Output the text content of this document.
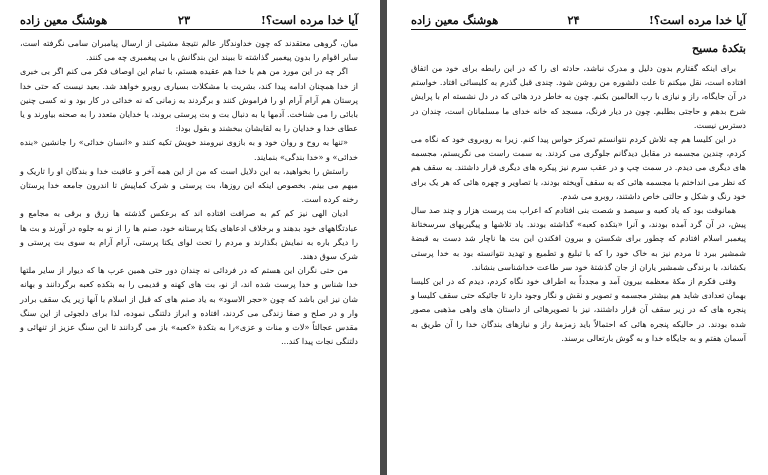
آیا خدا مرده است؟!
۲۳
هوشنگ معین زاده

میان، گروهی معتقدند که چون خداوندگار عالم نتیجهٔ مشیتی از ارسال پیامبران سامی نگرفته است، سایر اقوام را بدون پیغمبر گذاشته تا ببیند این بندگانش با بی پیغمبری چه می کنند.

اگر چه در این مورد من هم با خدا هم عقیده هستم، با تمام این اوصاف فکر می کنم اگر بی خبری از خدا همچنان ادامه پیدا کند، بشریت با مشکلات بسیاری روبرو خواهد شد. بعید نیست که حتی خدا پرستان هم آرام آرام او را فراموش کنند و برگردند به زمانی که نه خدائی در کار بود و نه کسی چنین بابائی را می شناخت. آدمها یا به دنبال بت و بت پرستی بروند، یا خدایان متعدد را به صحنه بیاورند و یا عطای خدا و خدایان را به لقایشان ببخشند و بقول بودا:

«تنها به روح و روان خود و به بازوی نیرومند خویش تکیه کنند و «انسان خدائی» را جانشین «بنده خدائی» و «خدا بندگی» بنمایند.

راستش را بخواهید، به این دلایل است که من از این همه آخر و عاقبت خدا و بندگان او را تاریک و مبهم می بینم. بخصوص اینکه این روزها، بت پرستی و شرک کماپیش تا اندرون جامعه خدا پرستان رخنه کرده است.

ادیان الهی نیز کم کم به صرافت افتاده اند که برعکس گذشته ها زرق و برقی به مجامع و عبادتگاههای خود بدهند و برخلاف ادعاهای یکتا پرستانه خود، صنم ها را از نو به جلوه در آورند و بت ها را دیگر باره به نمایش بگذارند و مردم را تحت لوای یکتا پرستی، آرام آرام به سوی بت پرستی و شرک سوق دهند.

من حتی نگران این هستم که در فردائی نه چندان دور حتی همین عرب ها که دیوار از سایر ملتها خدا شناس و خدا پرست شده اند، از نو، بت های کهنه و قدیمی را به بتکده کعبه برگردانند و بهانه شان نیز این باشد که چون «حجر الاسود» به یاد صنم های که قبل از اسلام با آنها زیر یک سقف برادر وار و در صلح و صفا زندگی می کردند، افتاده و ابراز دلتنگی نموده، لذا برای دلجوئی از این سنگ مقدس عجالتاً «لات و منات و عزی»را به بتکدهٔ «کعبه» باز می گردانند تا این سنگ عزیز از تنهائی و دلتنگی نجات پیدا کند...

آیا خدا مرده است؟!
۲۴
هوشنگ معین زاده
بتکدهٔ مسیح

برای اینکه گفتارم بدون دلیل و مدرک نباشد، حادثه ای را که در این رابطه برای خود من اتفاق افتاده است، نقل میکنم تا علت دلشوره من روشن شود. چندی قبل گذرم به کلیسائی افتاد. خواستم در آن جایگاه، راز و نیازی با رب العالمین بکنم. چون به خاطر درد هائی که در دل نشسته ام با پرایش شرح بدهم و حاجتی بطلبم. چون در دیار فرنگ، مسجد که خانه خدای ما مسلمانان است، چندان در دسترس نیست.

در این کلیسا هم چه تلاش کردم نتوانستم تمرکز حواس پیدا کنم. زیرا به روبروی خود که نگاه می کردم، چندین مجسمه در مقابل دیدگانم جلوگری می کردند. به سمت راست می نگریستم، مجسمه های دیگری می دیدم. در سمت چپ و در عقب سرم نیز پیکره های دیگری قرار داشتند. به سقف هم که نظر می انداختم با مجسمه هائی که به سقف آویخته بودند، با تصاویر و چهره هائی که هر یک برای خود رنگ و شکل و حالتی خاص داشتند، روبرو می شدم.

همانوقت بود که یاد کعبه و سیصد و شصت بنی افتادم که اعراب بت پرست هزار و چند صد سال پیش، در آن گرد آمده بودند، و آنرا «بتکده کعبه» گذاشته بودند. یاد تلاشها و پیگیریهای سرسختانهٔ پیغمبر اسلام افتادم که چطور برای شکستن و بیرون افکندن این بت ها ناچار شد دست به قبضهٔ شمشیر ببرد تا مردم نیز به خاک خود را که با تبلیغ و تطمیع و تهدید نتوانسته بود به خدا پرستی بکشاند، با برندگی شمشیر یاران از جان گذشتهٔ خود سر طاعت خداشناسی بنشاند.

وقتی فکرم از مکهٔ معظمه بیرون آمد و مجدداً به اطراف خود نگاه کردم، دیدم که در این کلیسا بهمان تعدادی شاید هم بیشتر مجسمه و تصویر و نقش و نگار وجود دارد تا جائیکه حتی سقف کلیسا و پنجره های که در زیر سقف آن قرار داشتند، نیز با تصویرهائی از داستان های واهی مذهبی مصور شده بودند. در حالیکه پنجره هائی که احتمالاً باید زمزمهٔ راز و نیازهای بندگان خدا را آن طریق به آسمان هفتم و به جایگاه خدا و به گوش بارتعالی برسند.
